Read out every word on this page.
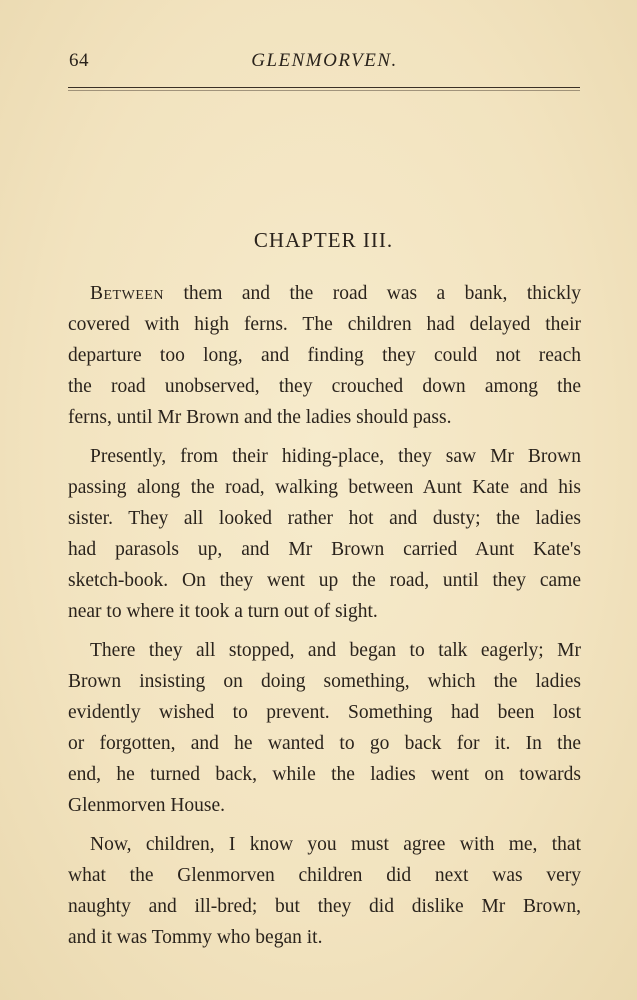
64	GLENMORVEN.
CHAPTER III.
Between them and the road was a bank, thickly
covered with high ferns. The children had delayed their
departure too long, and finding they could not reach
the road unobserved, they crouched down among the
ferns, until Mr Brown and the ladies should pass.
Presently, from their hiding-place, they saw Mr Brown
passing along the road, walking between Aunt Kate and his
sister. They all looked rather hot and dusty; the ladies
had parasols up, and Mr Brown carried Aunt Kate's
sketch-book. On they went up the road, until they came
near to where it took a turn out of sight.
There they all stopped, and began to talk eagerly; Mr
Brown insisting on doing something, which the ladies
evidently wished to prevent. Something had been lost
or forgotten, and he wanted to go back for it. In the
end, he turned back, while the ladies went on towards
Glenmorven House.
Now, children, I know you must agree with me, that
what the Glenmorven children did next was very
naughty and ill-bred; but they did dislike Mr Brown,
and it was Tommy who began it.
